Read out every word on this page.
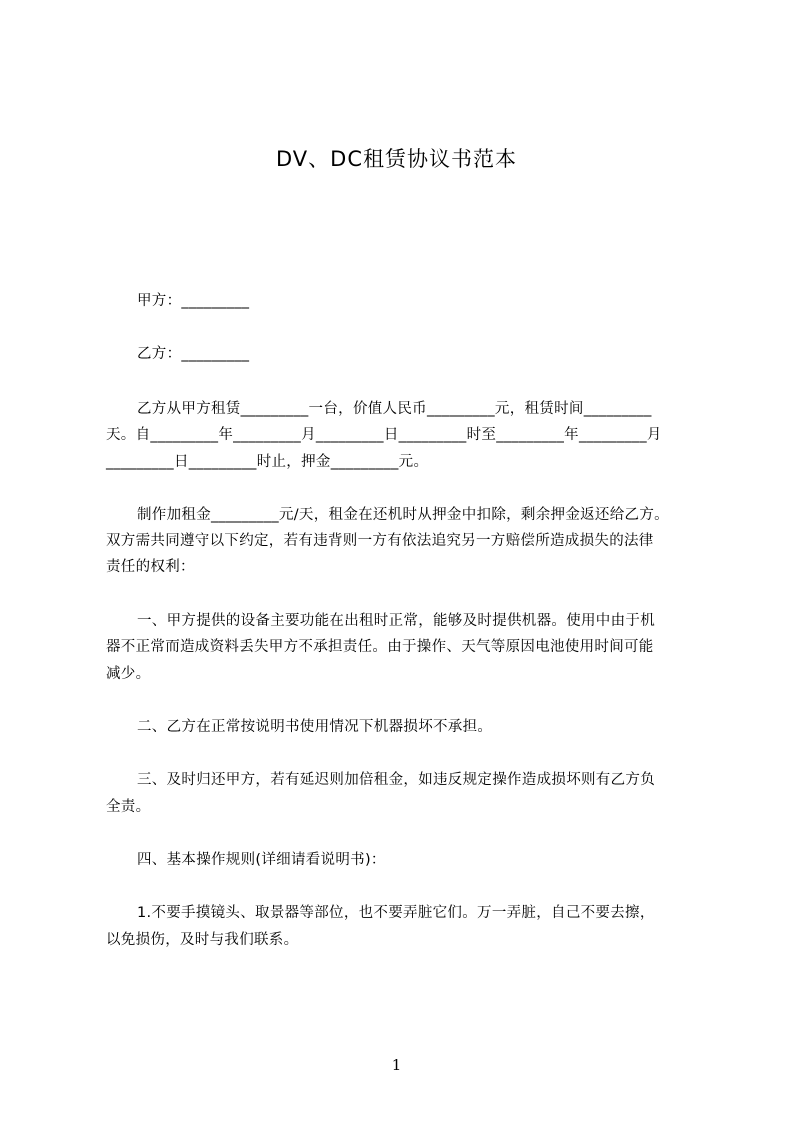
DV、DC租赁协议书范本
甲方：_________
乙方：_________
乙方从甲方租赁_________一台，价值人民币_________元，租赁时间_________
天。自_________年_________月_________日_________时至_________年_________月
_________日_________时止，押金_________元。
制作加租金_________元/天，租金在还机时从押金中扣除，剩余押金返还给乙方。
双方需共同遵守以下约定，若有违背则一方有依法追究另一方赔偿所造成损失的法律
责任的权利：
一、甲方提供的设备主要功能在出租时正常，能够及时提供机器。使用中由于机
器不正常而造成资料丢失甲方不承担责任。由于操作、天气等原因电池使用时间可能
减少。
二、乙方在正常按说明书使用情况下机器损坏不承担。
三、及时归还甲方，若有延迟则加倍租金，如违反规定操作造成损坏则有乙方负
全责。
四、基本操作规则(详细请看说明书)：
1.不要手摸镜头、取景器等部位，也不要弄脏它们。万一弄脏，自己不要去擦，
以免损伤，及时与我们联系。
1
